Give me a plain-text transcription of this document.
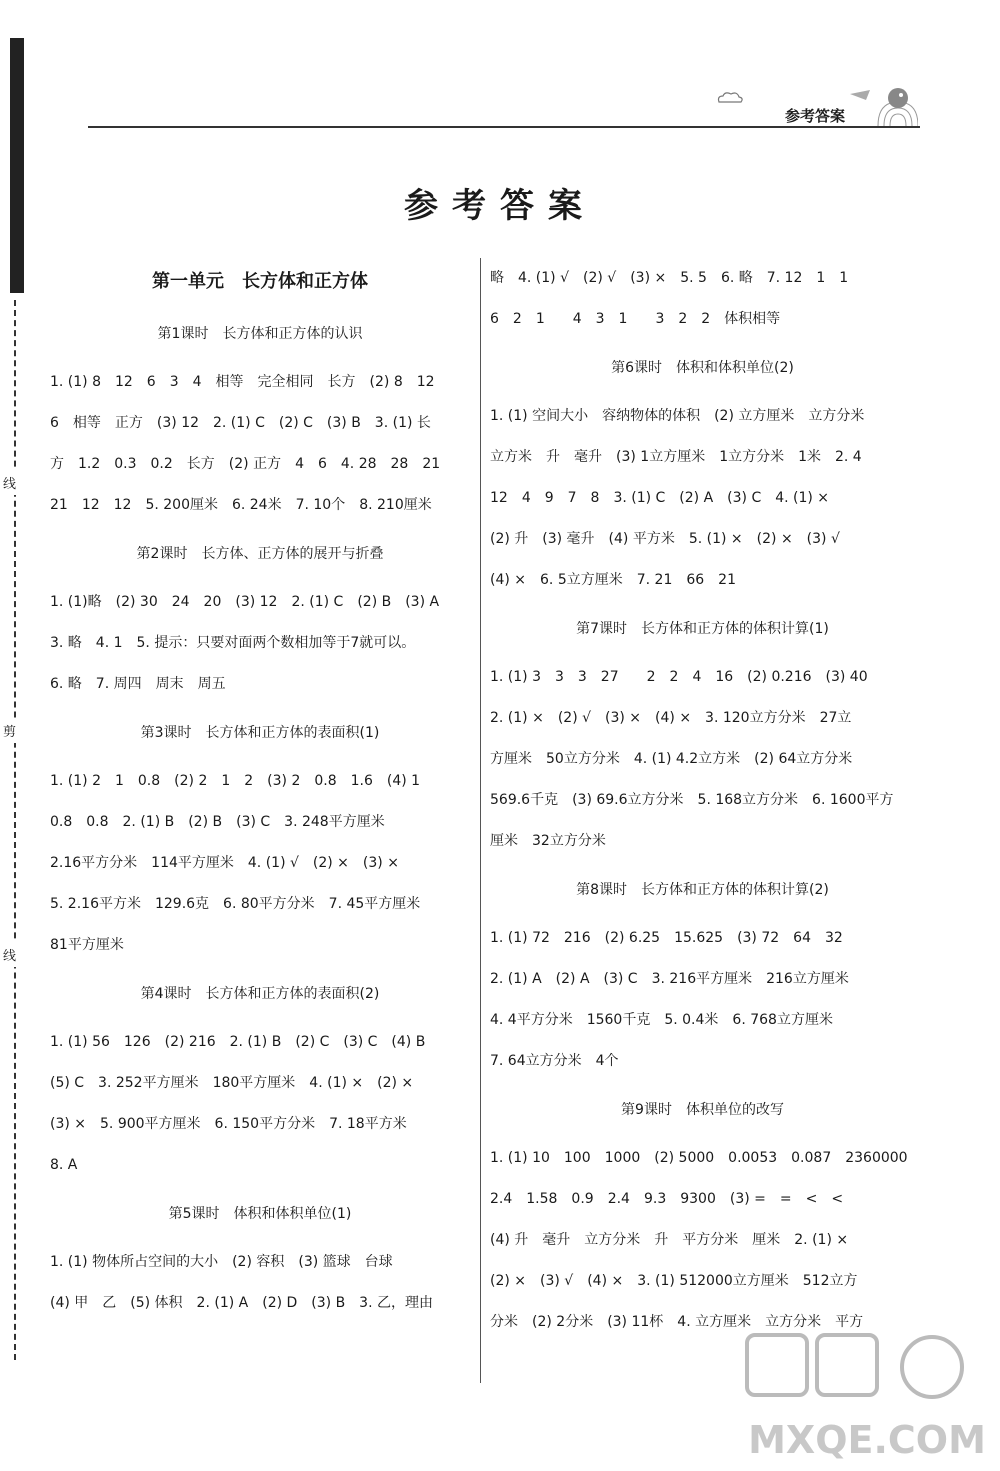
线
剪
线
参考答案
参考答案
第一单元　长方体和正方体
第1课时　长方体和正方体的认识
1. (1) 8　12　6　3　4　相等　完全相同　长方　(2) 8　12
6　相等　正方　(3) 12　2. (1) C　(2) C　(3) B　3. (1) 长
方　1.2　0.3　0.2　长方　(2) 正方　4　6　4. 28　28　21
21　12　12　5. 200厘米　6. 24米　7. 10个　8. 210厘米
第2课时　长方体、正方体的展开与折叠
1. (1)略　(2) 30　24　20　(3) 12　2. (1) C　(2) B　(3) A
3. 略　4. 1　5. 提示：只要对面两个数相加等于7就可以。
6. 略　7. 周四　周末　周五
第3课时　长方体和正方体的表面积(1)
1. (1) 2　1　0.8　(2) 2　1　2　(3) 2　0.8　1.6　(4) 1
0.8　0.8　2. (1) B　(2) B　(3) C　3. 248平方厘米
2.16平方分米　114平方厘米　4. (1) √　(2) ×　(3) ×
5. 2.16平方米　129.6克　6. 80平方分米　7. 45平方厘米
81平方厘米
第4课时　长方体和正方体的表面积(2)
1. (1) 56　126　(2) 216　2. (1) B　(2) C　(3) C　(4) B
(5) C　3. 252平方厘米　180平方厘米　4. (1) ×　(2) ×
(3) ×　5. 900平方厘米　6. 150平方分米　7. 18平方米
8. A
第5课时　体积和体积单位(1)
1. (1) 物体所占空间的大小　(2) 容积　(3) 篮球　台球
(4) 甲　乙　(5) 体积　2. (1) A　(2) D　(3) B　3. 乙，理由
略　4. (1) √　(2) √　(3) ×　5. 5　6. 略　7. 12　1　1
6　2　1　　4　3　1　　3　2　2　体积相等
第6课时　体积和体积单位(2)
1. (1) 空间大小　容纳物体的体积　(2) 立方厘米　立方分米
立方米　升　毫升　(3) 1立方厘米　1立方分米　1米　2. 4
12　4　9　7　8　3. (1) C　(2) A　(3) C　4. (1) ×
(2) 升　(3) 毫升　(4) 平方米　5. (1) ×　(2) ×　(3) √
(4) ×　6. 5立方厘米　7. 21　66　21
第7课时　长方体和正方体的体积计算(1)
1. (1) 3　3　3　27　　2　2　4　16　(2) 0.216　(3) 40
2. (1) ×　(2) √　(3) ×　(4) ×　3. 120立方分米　27立
方厘米　50立方分米　4. (1) 4.2立方米　(2) 64立方分米
569.6千克　(3) 69.6立方分米　5. 168立方分米　6. 1600平方
厘米　32立方分米
第8课时　长方体和正方体的体积计算(2)
1. (1) 72　216　(2) 6.25　15.625　(3) 72　64　32
2. (1) A　(2) A　(3) C　3. 216平方厘米　216立方厘米
4. 4平方分米　1560千克　5. 0.4米　6. 768立方厘米
7. 64立方分米　4个
第9课时　体积单位的改写
1. (1) 10　100　1000　(2) 5000　0.0053　0.087　2360000
2.4　1.58　0.9　2.4　9.3　9300　(3) =　=　<　<
(4) 升　毫升　立方分米　升　平方分米　厘米　2. (1) ×
(2) ×　(3) √　(4) ×　3. (1) 512000立方厘米　512立方
分米　(2) 2分米　(3) 11杯　4. 立方厘米　立方分米　平方
MXQE.COM
